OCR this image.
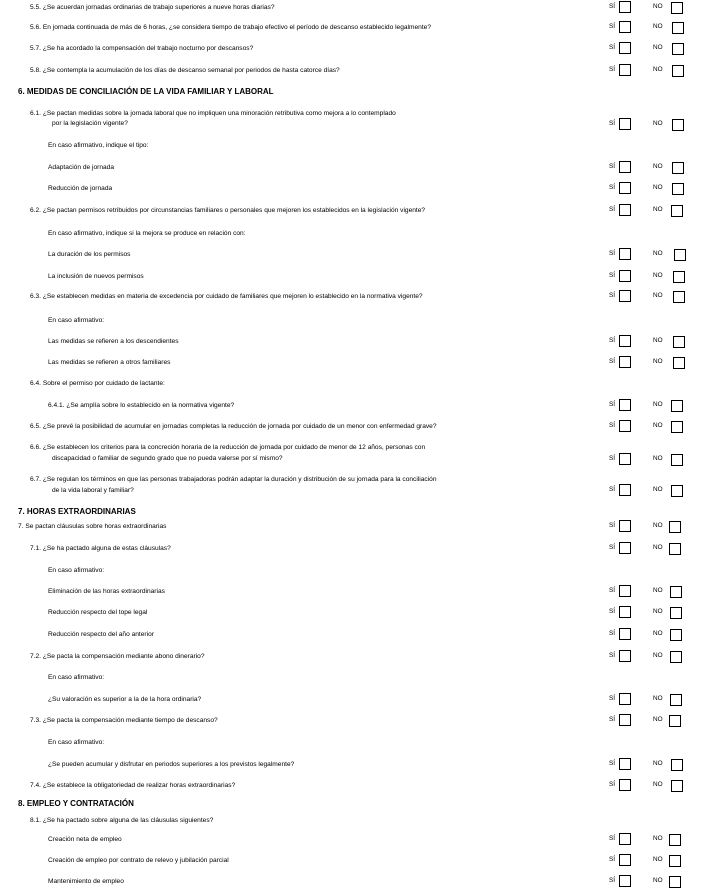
5.5. ¿Se acuerdan jornadas ordinarias de trabajo superiores a nueve horas diarias?	SÍ	NO
5.6. En jornada continuada de más de 6 horas, ¿se considera tiempo de trabajo efectivo el período de descanso establecido legalmente?	SÍ	NO
5.7. ¿Se ha acordado la compensación del trabajo nocturno por descansos?	SÍ	NO
5.8. ¿Se contempla la acumulación de los días de descanso semanal por periodos de hasta catorce días?	SÍ	NO
6. MEDIDAS DE CONCILIACIÓN DE LA VIDA FAMILIAR Y LABORAL
6.1. ¿Se pactan medidas sobre la jornada laboral que no impliquen una minoración retributiva como mejora a lo contemplado
por la legislación vigente?	SÍ	NO
En caso afirmativo, indique el tipo:
Adaptación de jornada	SÍ	NO
Reducción de jornada	SÍ	NO
6.2. ¿Se pactan permisos retribuidos por circunstancias familiares o personales que mejoren los establecidos en la legislación vigente?	SÍ	NO
En caso afirmativo, indique si la mejora se produce en relación con:
La duración de los permisos	SÍ	NO
La inclusión de nuevos permisos	SÍ	NO
6.3. ¿Se establecen medidas en materia de excedencia por cuidado de familiares que mejoren lo establecido en la normativa vigente?	SÍ	NO
En caso afirmativo:
Las medidas se refieren a los descendientes	SÍ	NO
Las medidas se refieren a otros familiares	SÍ	NO
6.4. Sobre el permiso por cuidado de lactante:
6.4.1. ¿Se amplía sobre lo establecido en la normativa vigente?	SÍ	NO
6.5. ¿Se prevé la posibilidad de acumular en jornadas completas la reducción de jornada por cuidado de un menor con enfermedad grave?	SÍ	NO
6.6. ¿Se establecen los criterios para la concreción horaria de la reducción de jornada por cuidado de menor de 12 años, personas con
discapacidad o familiar de segundo grado que no pueda valerse por sí mismo?	SÍ	NO
6.7. ¿Se regulan los términos en que las personas trabajadoras podrán adaptar la duración y distribución de su jornada para la conciliación
de la vida laboral y familiar?	SÍ	NO
7. HORAS EXTRAORDINARIAS
7. Se pactan cláusulas sobre horas extraordinarias	SÍ	NO
7.1. ¿Se ha pactado alguna de estas cláusulas?	SÍ	NO
En caso afirmativo:
Eliminación de las horas extraordinarias	SÍ	NO
Reducción respecto del tope legal	SÍ	NO
Reducción respecto del año anterior	SÍ	NO
7.2. ¿Se pacta la compensación mediante abono dinerario?	SÍ	NO
En caso afirmativo:
¿Su valoración es superior a la de la hora ordinaria?	SÍ	NO
7.3. ¿Se pacta la compensación mediante tiempo de descanso?	SÍ	NO
En caso afirmativo:
¿Se pueden acumular y disfrutar en periodos superiores a los previstos legalmente?	SÍ	NO
7.4. ¿Se establece la obligatoriedad de realizar horas extraordinarias?	SÍ	NO
8. EMPLEO Y CONTRATACIÓN
8.1. ¿Se ha pactado sobre alguna de las cláusulas siguientes?
Creación neta de empleo	SÍ	NO
Creación de empleo por contrato de relevo y jubilación parcial	SÍ	NO
Mantenimiento de empleo	SÍ	NO
